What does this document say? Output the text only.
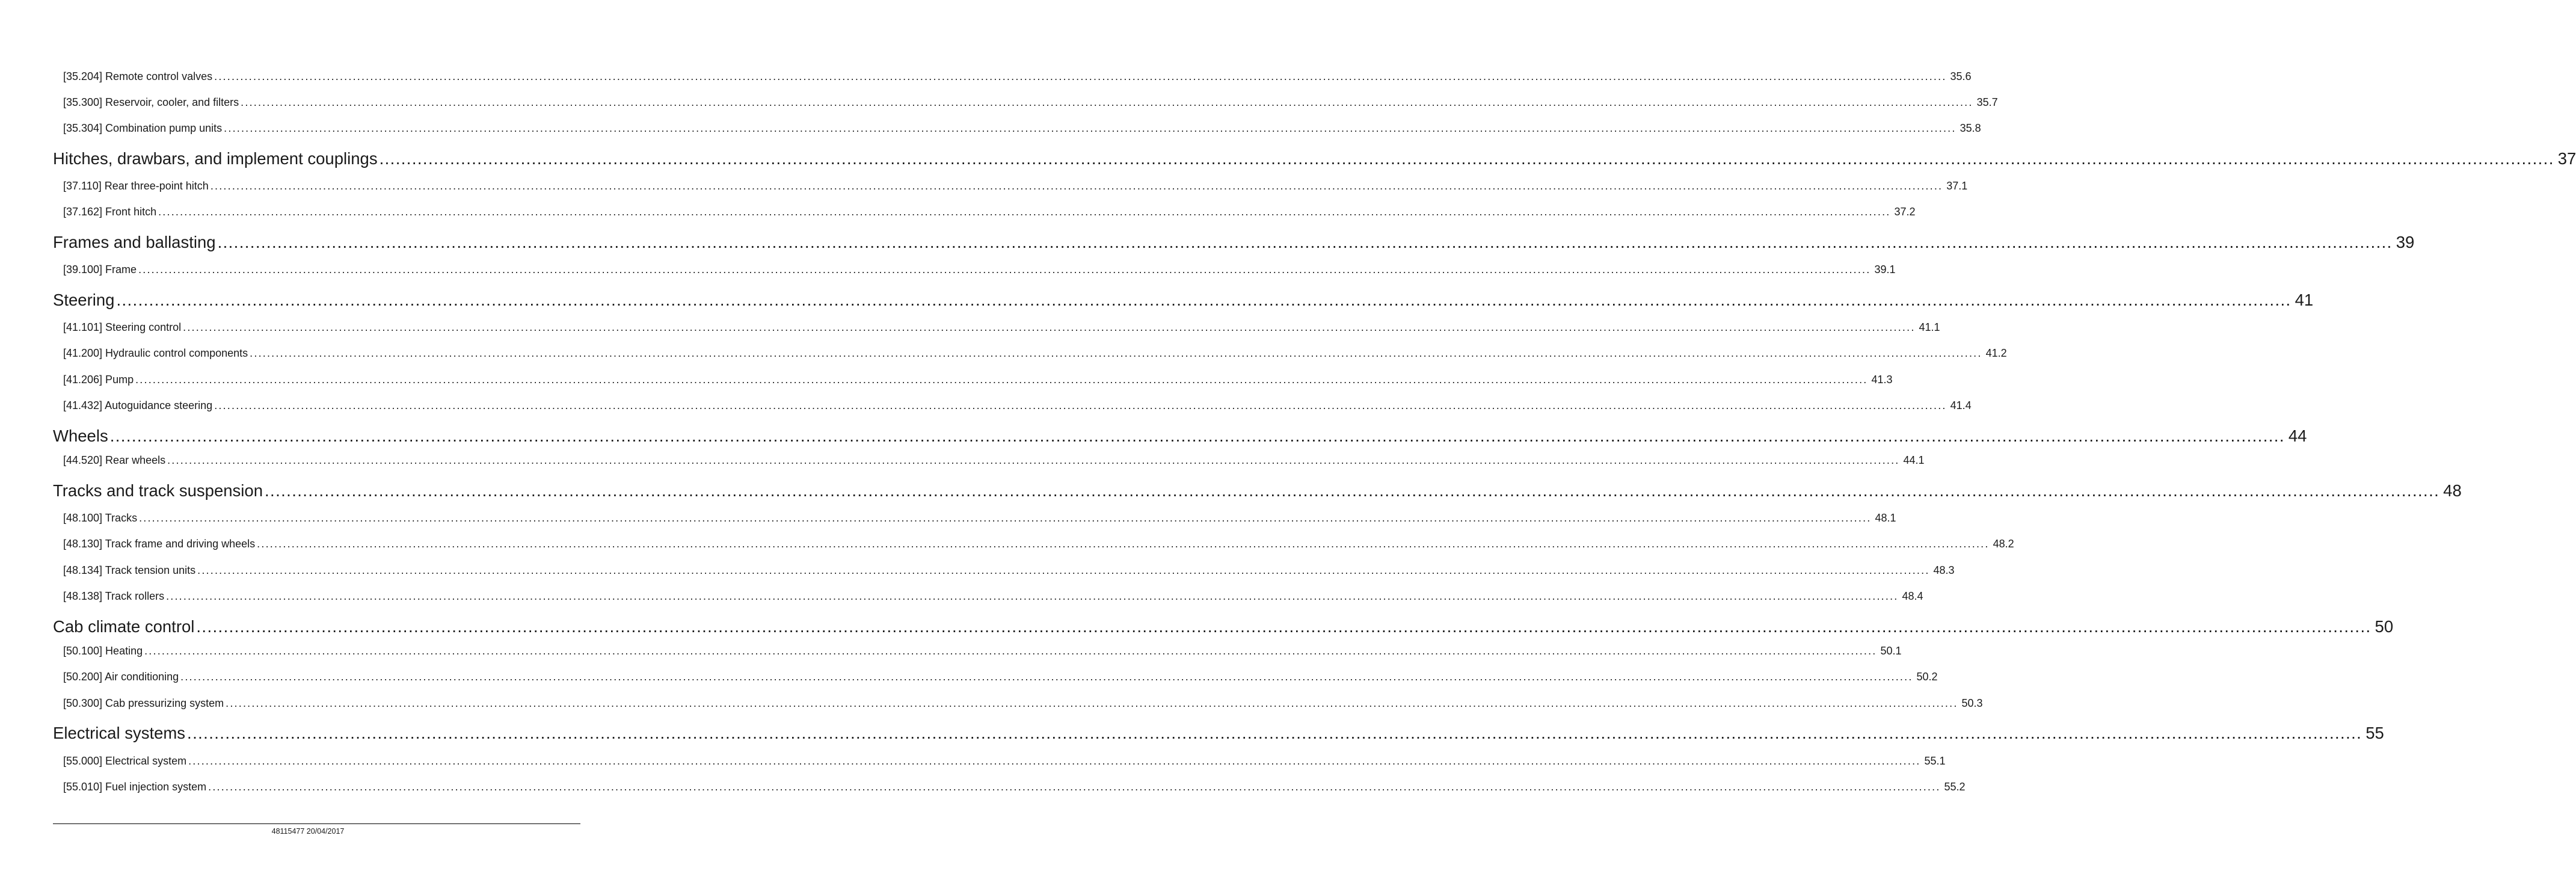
[35.204] Remote control valves ................................................................................................................................................................................................................................................................................................................................................................................................................ 35.6
[35.300] Reservoir, cooler, and filters ................................................................................................................................................................................................................................................................................................................................................................................................................ 35.7
[35.304] Combination pump units ................................................................................................................................................................................................................................................................................................................................................................................................................ 35.8
Hitches, drawbars, and implement couplings ................................................................................................................................................................................................................................................................................................................................................................................................................ 37
[37.110] Rear three-point hitch ................................................................................................................................................................................................................................................................................................................................................................................................................ 37.1
[37.162] Front hitch ................................................................................................................................................................................................................................................................................................................................................................................................................ 37.2
Frames and ballasting ................................................................................................................................................................................................................................................................................................................................................................................................................ 39
[39.100] Frame ................................................................................................................................................................................................................................................................................................................................................................................................................ 39.1
Steering ................................................................................................................................................................................................................................................................................................................................................................................................................ 41
[41.101] Steering control ................................................................................................................................................................................................................................................................................................................................................................................................................ 41.1
[41.200] Hydraulic control components ................................................................................................................................................................................................................................................................................................................................................................................................................ 41.2
[41.206] Pump ................................................................................................................................................................................................................................................................................................................................................................................................................ 41.3
[41.432] Autoguidance steering ................................................................................................................................................................................................................................................................................................................................................................................................................ 41.4
Wheels ................................................................................................................................................................................................................................................................................................................................................................................................................ 44
[44.520] Rear wheels ................................................................................................................................................................................................................................................................................................................................................................................................................ 44.1
Tracks and track suspension ................................................................................................................................................................................................................................................................................................................................................................................................................ 48
[48.100] Tracks ................................................................................................................................................................................................................................................................................................................................................................................................................ 48.1
[48.130] Track frame and driving wheels ................................................................................................................................................................................................................................................................................................................................................................................................................ 48.2
[48.134] Track tension units ................................................................................................................................................................................................................................................................................................................................................................................................................ 48.3
[48.138] Track rollers ................................................................................................................................................................................................................................................................................................................................................................................................................ 48.4
Cab climate control ................................................................................................................................................................................................................................................................................................................................................................................................................ 50
[50.100] Heating ................................................................................................................................................................................................................................................................................................................................................................................................................ 50.1
[50.200] Air conditioning ................................................................................................................................................................................................................................................................................................................................................................................................................ 50.2
[50.300] Cab pressurizing system ................................................................................................................................................................................................................................................................................................................................................................................................................ 50.3
Electrical systems ................................................................................................................................................................................................................................................................................................................................................................................................................ 55
[55.000] Electrical system ................................................................................................................................................................................................................................................................................................................................................................................................................ 55.1
[55.010] Fuel injection system ................................................................................................................................................................................................................................................................................................................................................................................................................ 55.2
48115477 20/04/2017
